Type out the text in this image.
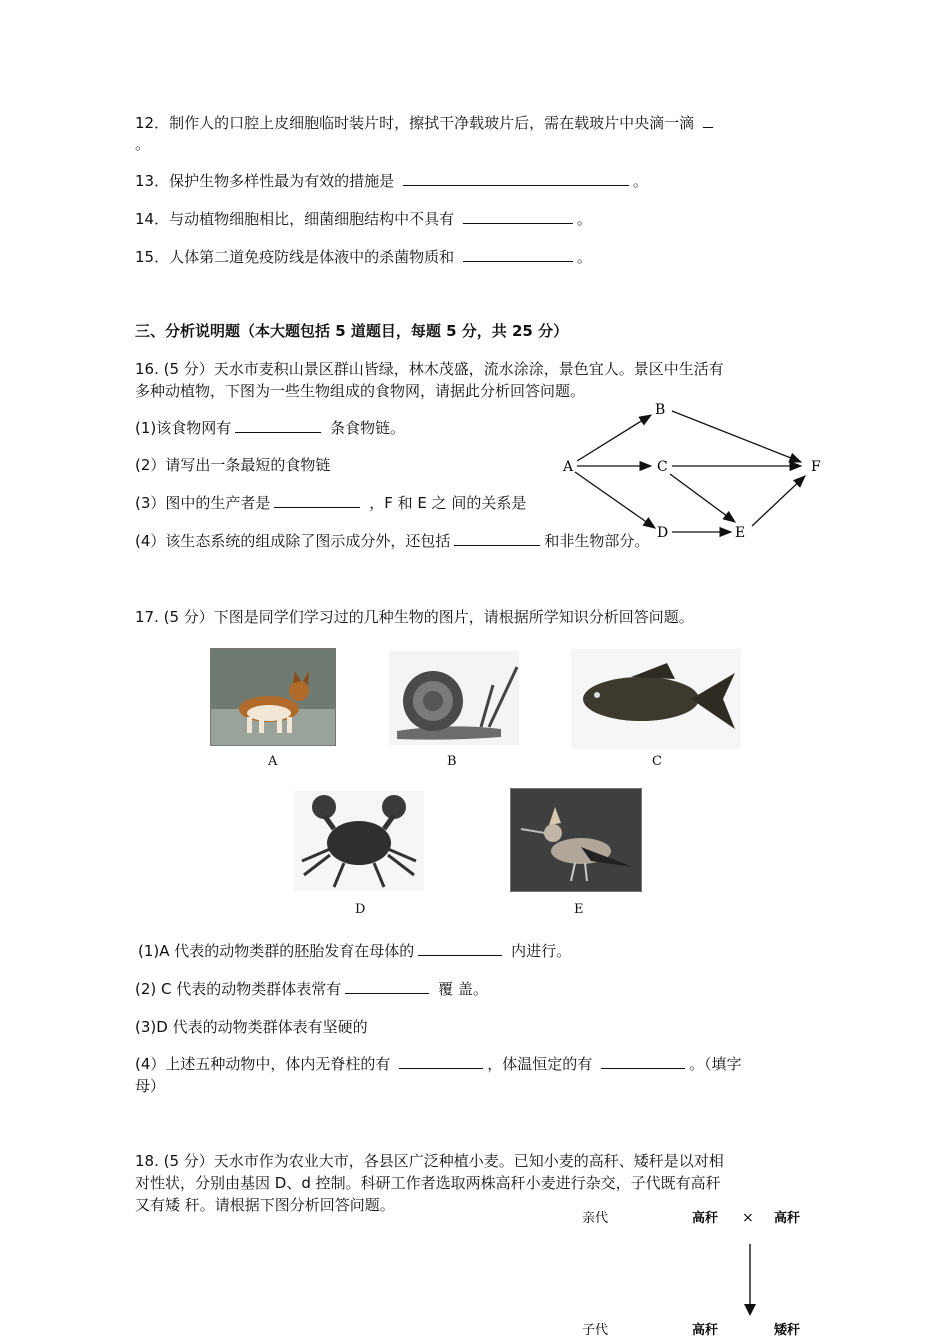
12．制作人的口腔上皮细胞临时装片时，擦拭干净载玻片后，需在载玻片中央滴一滴
。
13．保护生物多样性最为有效的措施是	。
14．与动植物细胞相比，细菌细胞结构中不具有	。
15．人体第二道免疫防线是体液中的杀菌物质和	。
三、分析说明题（本大题包括 5 道题目，每题 5 分，共 25 分）
16. (5 分）天水市麦积山景区群山皆绿，林木茂盛，流水涂涂，景色宜人。景区中生活有
多种动植物，下图为一些生物组成的食物网，请据此分析回答问题。
(1)该食物网有	条食物链。
(2）请写出一条最短的食物链
(3）图中的生产者是	，F 和 E 之 间的关系是
(4）该生态系统的组成除了图示成分外，还包括	和非生物部分。
A
B
C
D	E
F
17. (5 分）下图是同学们学习过的几种生物的图片，请根据所学知识分析回答问题。
A	B	C
D	E
(1)A 代表的动物类群的胚胎发育在母体的	内进行。
(2) C 代表的动物类群体表常有	覆 盖。
(3)D 代表的动物类群体表有坚硬的
(4）上述五种动物中，体内无脊柱的有	，体温恒定的有	。（填字
母）
18. (5 分）天水市作为农业大市，各县区广泛种植小麦。已知小麦的高秆、矮秆是以对相
对性状，分别由基因 D、d 控制。科研工作者选取两株高秆小麦进行杂交，子代既有高秆
又有矮 秆。请根据下图分析回答问题。
亲代	高秆 × 高秆
子代	高秆	矮秆
